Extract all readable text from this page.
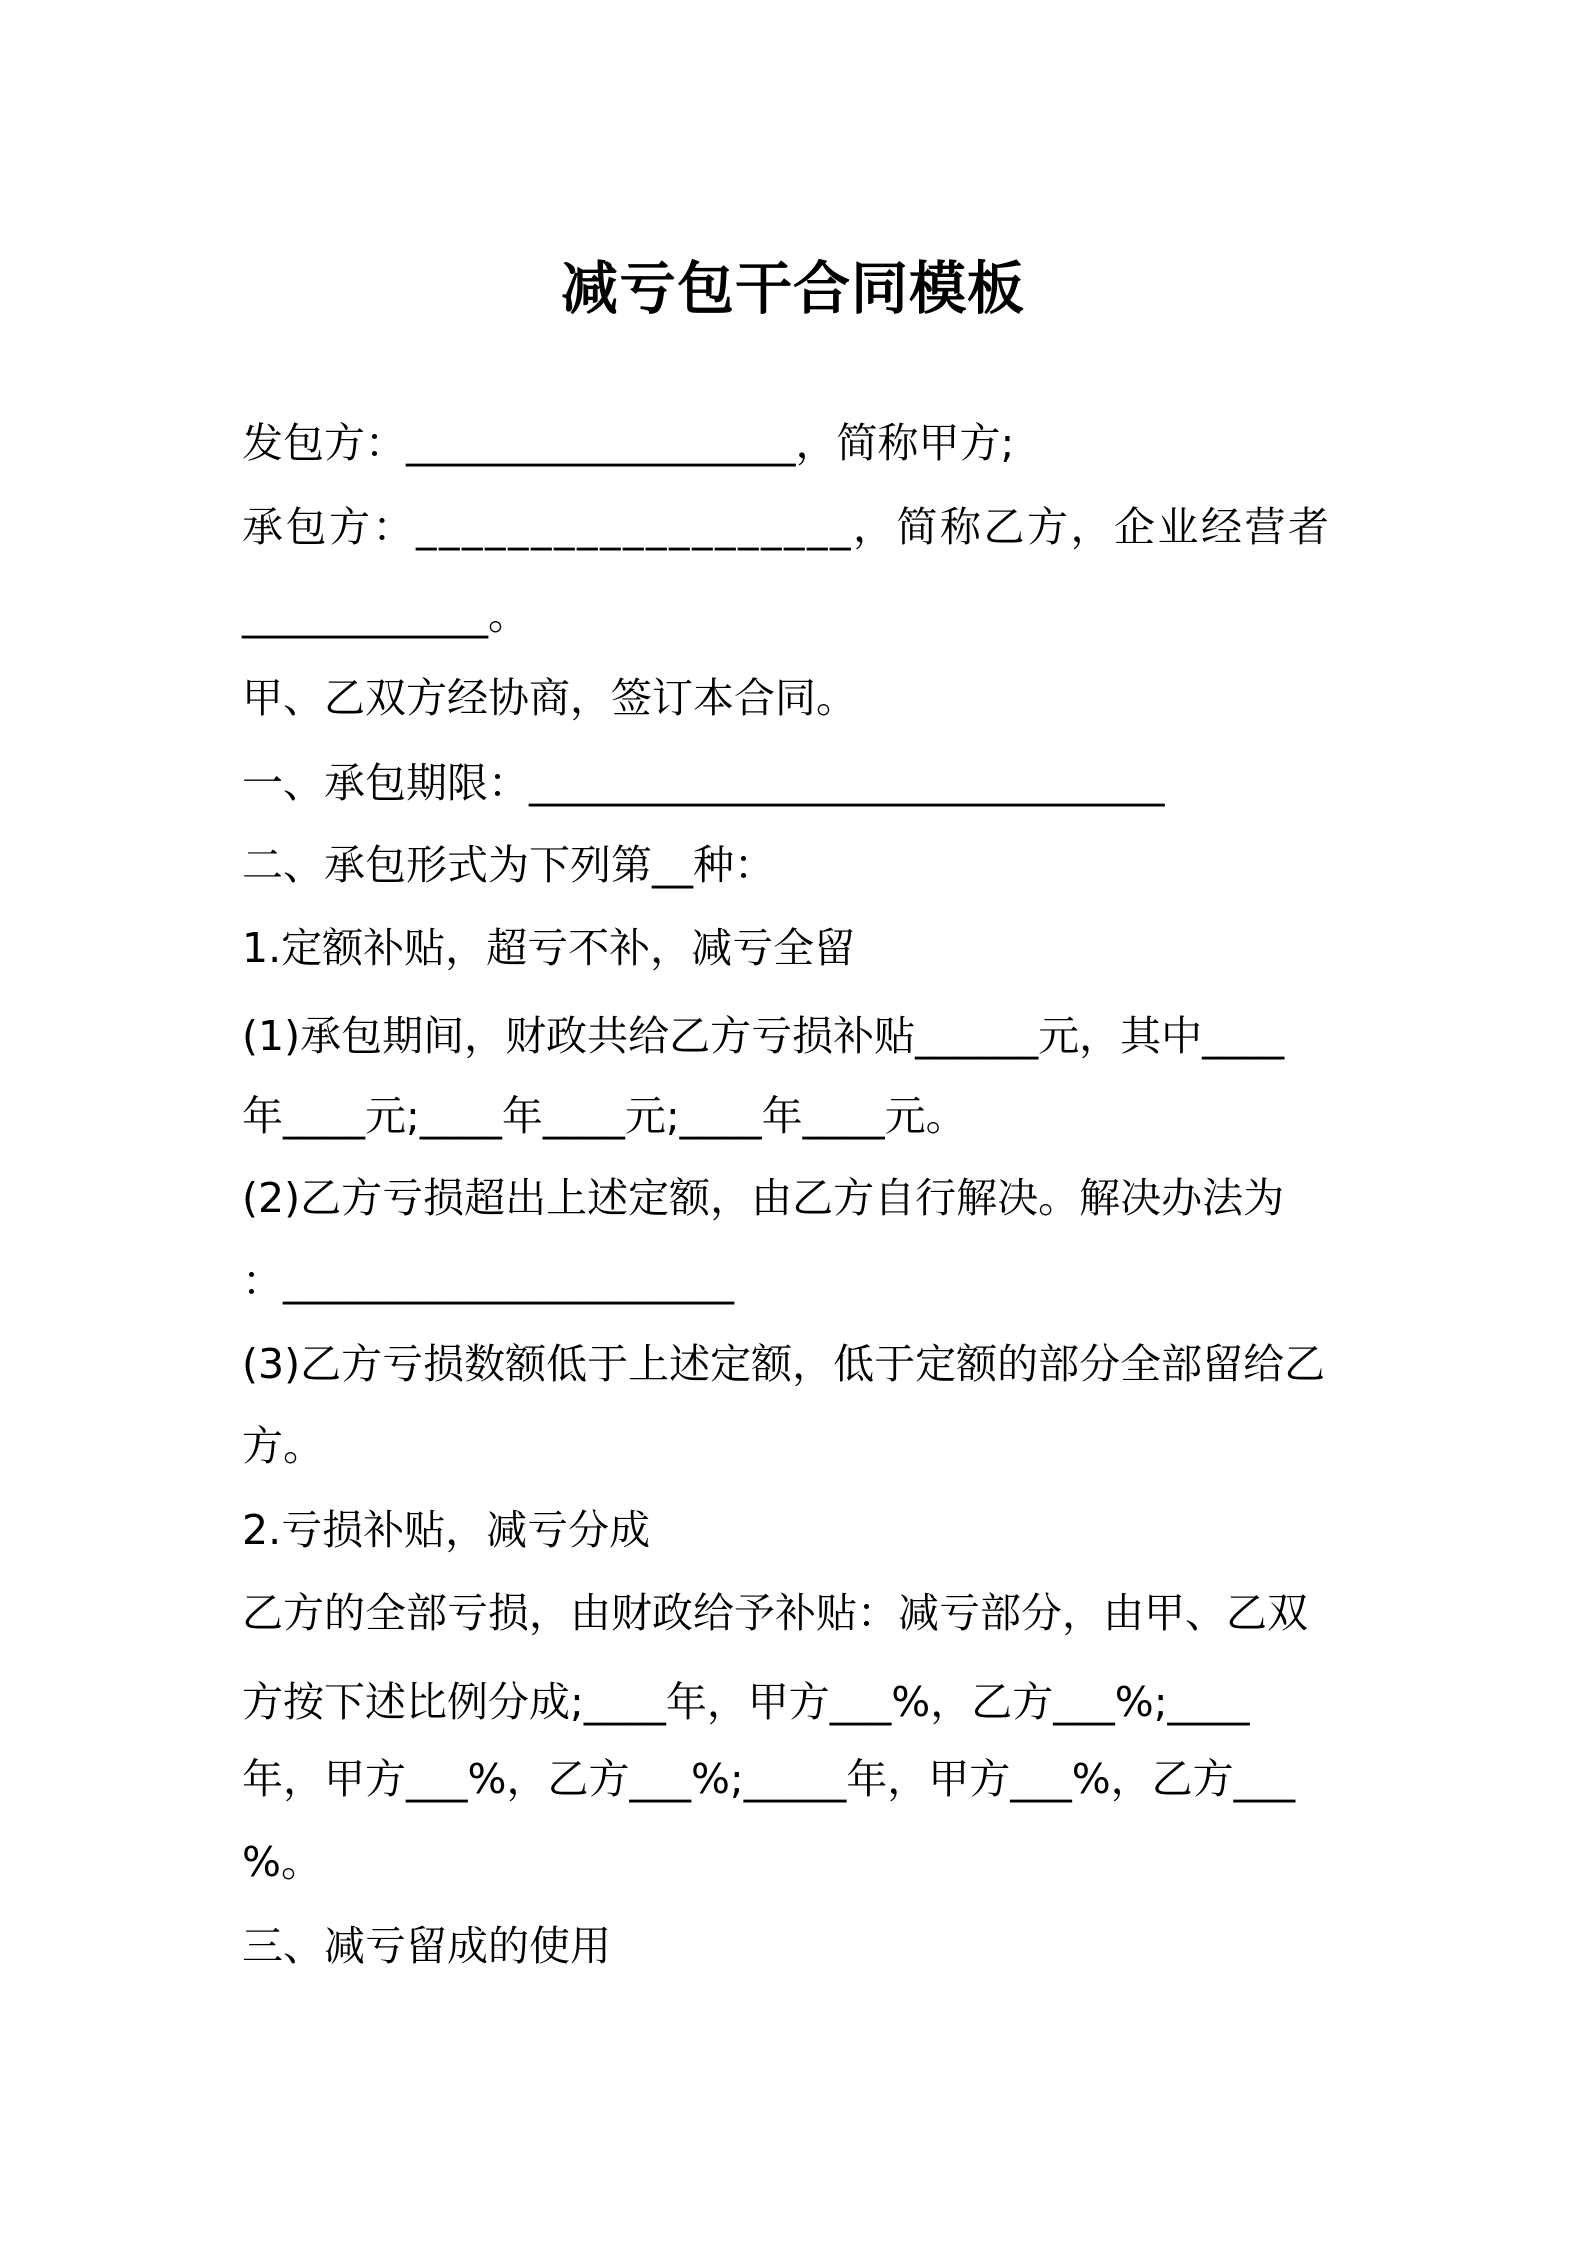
减亏包干合同模板
发包方：___________________，简称甲方;
承包方：___________________，简称乙方，企业经营者
____________。
甲、乙双方经协商，签订本合同。
一、承包期限：_______________________________
二、承包形式为下列第__种：
1.定额补贴，超亏不补，减亏全留
(1)承包期间，财政共给乙方亏损补贴______元，其中____
年____元;____年____元;____年____元。
(2)乙方亏损超出上述定额，由乙方自行解决。解决办法为
：______________________
(3)乙方亏损数额低于上述定额，低于定额的部分全部留给乙
方。
2.亏损补贴，减亏分成
乙方的全部亏损，由财政给予补贴：减亏部分，由甲、乙双
方按下述比例分成;____年，甲方___%，乙方___%;____
年，甲方___%，乙方___%;_____年，甲方___%，乙方___
%。
三、减亏留成的使用
